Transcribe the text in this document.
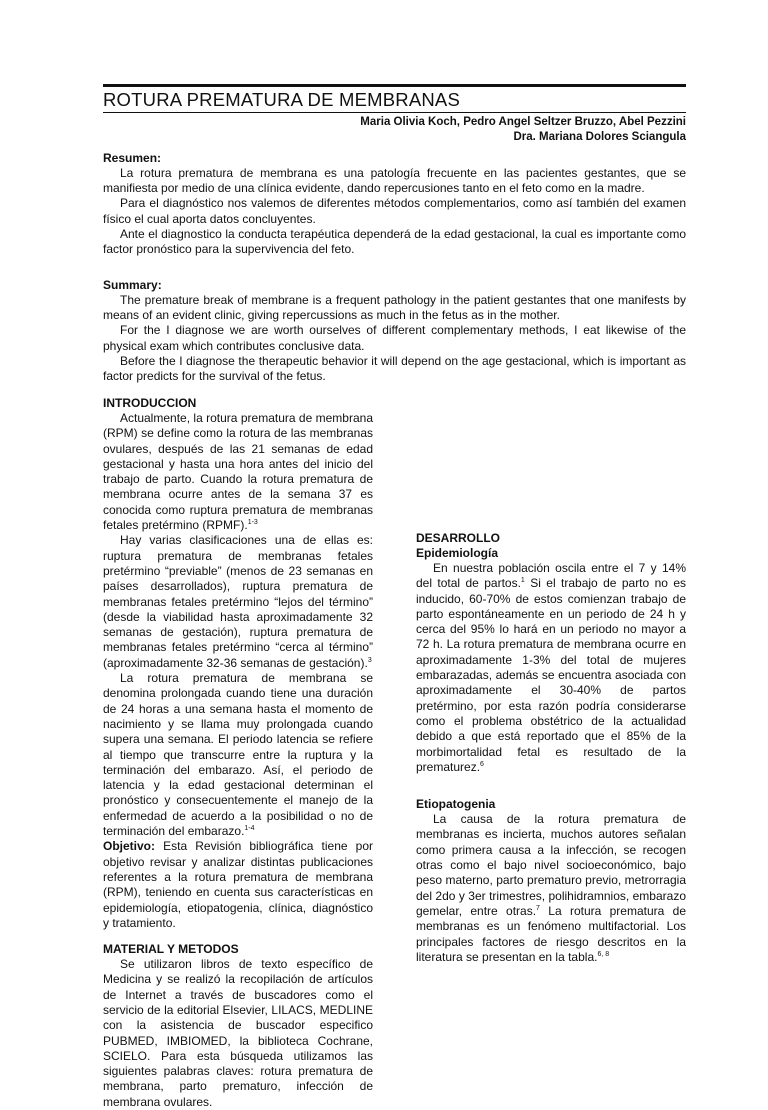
ROTURA PREMATURA DE MEMBRANAS
Maria Olivia Koch, Pedro Angel Seltzer Bruzzo, Abel Pezzini
Dra. Mariana Dolores Sciangula
Resumen:

La rotura prematura de membrana es una patología frecuente en las pacientes gestantes, que se manifiesta por medio de una clínica evidente, dando repercusiones tanto en el feto como en la madre.

Para el diagnóstico nos valemos de diferentes métodos complementarios, como así también del examen físico el cual aporta datos concluyentes.

Ante el diagnostico la conducta terapéutica dependerá de la edad gestacional, la cual es importante como factor pronóstico para la supervivencia del feto.

Summary:

The premature break of membrane is a frequent pathology in the patient gestantes that one manifests by means of an evident clinic, giving repercussions as much in the fetus as in the mother.

For the I diagnose we are worth ourselves of different complementary methods, I eat likewise of the physical exam which contributes conclusive data.

Before the I diagnose the therapeutic behavior it will depend on the age gestacional, which is important as factor predicts for the survival of the fetus.

INTRODUCCION

Actualmente, la rotura prematura de membrana (RPM) se define como la rotura de las membranas ovulares, después de las 21 semanas de edad gestacional y hasta una hora antes del inicio del trabajo de parto. Cuando la rotura prematura de membrana ocurre antes de la semana 37 es conocida como ruptura prematura de membranas fetales pretérmino (RPMF).$^{1-3}$

Hay varias clasificaciones una de ellas es: ruptura prematura de membranas fetales pretérmino “previable” (menos de 23 semanas en países desarrollados), ruptura prematura de membranas fetales pretérmino “lejos del término” (desde la viabilidad hasta aproximadamente 32 semanas de gestación), ruptura prematura de membranas fetales pretérmino “cerca al término” (aproximadamente 32-36 semanas de gestación).$^3$

La rotura prematura de membrana se denomina prolongada cuando tiene una duración de 24 horas a una semana hasta el momento de nacimiento y se llama muy prolongada cuando supera una semana. El periodo latencia se refiere al tiempo que transcurre entre la ruptura y la terminación del embarazo. Así, el periodo de latencia y la edad gestacional determinan el pronóstico y consecuentemente el manejo de la enfermedad de acuerdo a la posibilidad o no de terminación del embarazo.$^{1-4}$

Objetivo: Esta Revisión bibliográfica tiene por objetivo revisar y analizar distintas publicaciones referentes a la rotura prematura de membrana (RPM), teniendo en cuenta sus características en epidemiología, etiopatogenia, clínica, diagnóstico y tratamiento.

MATERIAL Y METODOS

Se utilizaron libros de texto específico de Medicina y se realizó la recopilación de artículos de Internet a través de buscadores como el servicio de la editorial Elsevier, LILACS, MEDLINE con la asistencia de buscador especifico PUBMED, IMBIOMED, la biblioteca Cochrane, SCIELO. Para esta búsqueda utilizamos las siguientes palabras claves: rotura prematura de membrana, parto prematuro, infección de membrana ovulares.

DESARROLLO
Epidemiología

En nuestra población oscila entre el 7 y 14% del total de partos.$^1$ Si el trabajo de parto no es inducido, 60-70% de estos comienzan trabajo de parto espontáneamente en un periodo de 24 h y cerca del 95% lo hará en un periodo no mayor a 72 h. La rotura prematura de membrana ocurre en aproximadamente 1-3% del total de mujeres embarazadas, además se encuentra asociada con aproximadamente el 30-40% de partos pretérmino, por esta razón podría considerarse como el problema obstétrico de la actualidad debido a que está reportado que el 85% de la morbimortalidad fetal es resultado de la prematurez.$^6$

Etiopatogenia

La causa de la rotura prematura de membranas es incierta, muchos autores señalan como primera causa a la infección, se recogen otras como el bajo nivel socioeconómico, bajo peso materno, parto prematuro previo, metrorragia del 2do y 3er trimestres, polihidramnios, embarazo gemelar, entre otras.$^7$ La rotura prematura de membranas es un fenómeno multifactorial. Los principales factores de riesgo descritos en la literatura se presentan en la tabla.$^{6, 8}$
